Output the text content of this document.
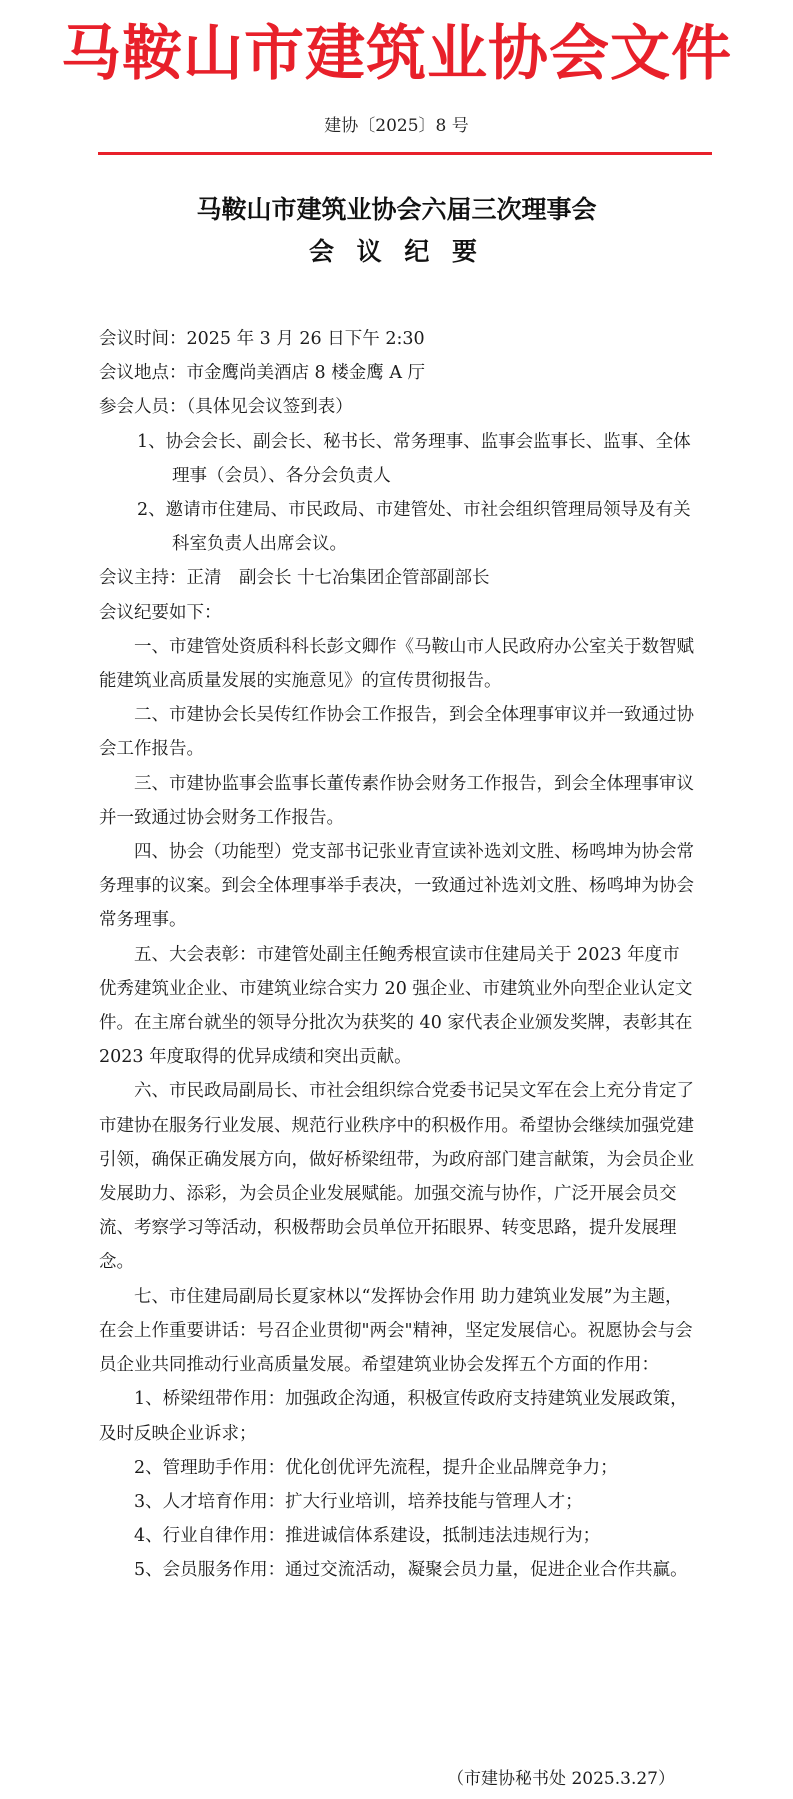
马鞍山市建筑业协会文件
建协〔2025〕8 号
马鞍山市建筑业协会六届三次理事会
会 议 纪 要

会议时间：2025 年 3 月 26 日下午 2:30

会议地点：市金鹰尚美酒店 8 楼金鹰 A 厅

参会人员：（具体见会议签到表）

1、协会会长、副会长、秘书长、常务理事、监事会监事长、监事、全体理事（会员）、各分会负责人

2、邀请市住建局、市民政局、市建管处、市社会组织管理局领导及有关科室负责人出席会议。

会议主持：正清　副会长 十七冶集团企管部副部长

会议纪要如下：

一、市建管处资质科科长彭文卿作《马鞍山市人民政府办公室关于数智赋能建筑业高质量发展的实施意见》的宣传贯彻报告。

二、市建协会长吴传红作协会工作报告，到会全体理事审议并一致通过协会工作报告。

三、市建协监事会监事长董传素作协会财务工作报告，到会全体理事审议并一致通过协会财务工作报告。

四、协会（功能型）党支部书记张业青宣读补选刘文胜、杨鸣坤为协会常务理事的议案。到会全体理事举手表决，一致通过补选刘文胜、杨鸣坤为协会常务理事。

五、大会表彰：市建管处副主任鲍秀根宣读市住建局关于 2023 年度市优秀建筑业企业、市建筑业综合实力 20 强企业、市建筑业外向型企业认定文件。在主席台就坐的领导分批次为获奖的 40 家代表企业颁发奖牌，表彰其在 2023 年度取得的优异成绩和突出贡献。

六、市民政局副局长、市社会组织综合党委书记吴文军在会上充分肯定了市建协在服务行业发展、规范行业秩序中的积极作用。希望协会继续加强党建引领，确保正确发展方向，做好桥梁纽带，为政府部门建言献策，为会员企业发展助力、添彩，为会员企业发展赋能。加强交流与协作，广泛开展会员交流、考察学习等活动，积极帮助会员单位开拓眼界、转变思路，提升发展理念。

七、市住建局副局长夏家林以“发挥协会作用 助力建筑业发展”为主题，在会上作重要讲话：号召企业贯彻"两会"精神，坚定发展信心。祝愿协会与会员企业共同推动行业高质量发展。希望建筑业协会发挥五个方面的作用：

1、桥梁纽带作用：加强政企沟通，积极宣传政府支持建筑业发展政策，及时反映企业诉求；

2、管理助手作用：优化创优评先流程，提升企业品牌竞争力；

3、人才培育作用：扩大行业培训，培养技能与管理人才；

4、行业自律作用：推进诚信体系建设，抵制违法违规行为；

5、会员服务作用：通过交流活动，凝聚会员力量，促进企业合作共赢。

（市建协秘书处 2025.3.27）
